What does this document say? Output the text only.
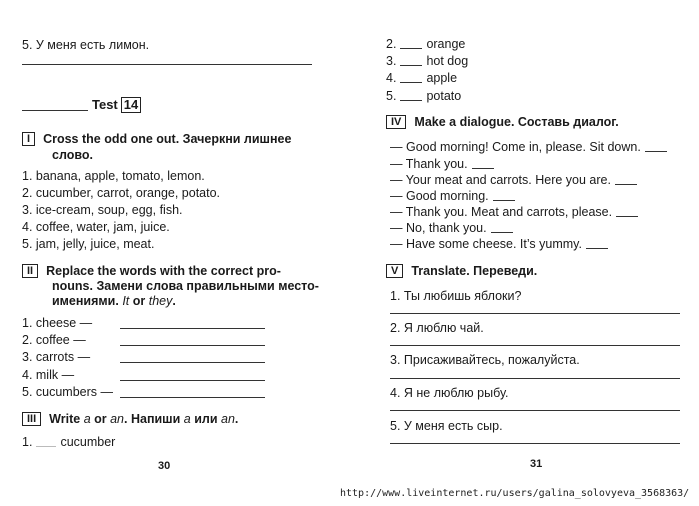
5. У меня есть лимон.
Test 14
I Cross the odd one out. Зачеркни лишнее
слово.
1. banana, apple, tomato, lemon.
2. cucumber, carrot, orange, potato.
3. ice-cream, soup, egg, fish.
4. coffee, water, jam, juice.
5. jam, jelly, juice, meat.
II Replace the words with the correct pro-
nouns. Замени слова правильными место-
имениями. It or they.
1. cheese —
2. coffee —
3. carrots —
4. milk —
5. cucumbers —
III Write a or an. Напиши a или an.
1. cucumber
30
2. orange
3. hot dog
4. apple
5. potato
IV Make a dialogue. Составь диалог.
— Good morning! Come in, please. Sit down.
— Thank you.
— Your meat and carrots. Here you are.
— Good morning.
— Thank you. Meat and carrots, please.
— No, thank you.
— Have some cheese. It’s yummy.
V Translate. Переведи.
1. Ты любишь яблоки?
2. Я люблю чай.
3. Присаживайтесь, пожалуйста.
4. Я не люблю рыбу.
5. У меня есть сыр.
31
http://www.liveinternet.ru/users/galina_solovyeva_3568363/
